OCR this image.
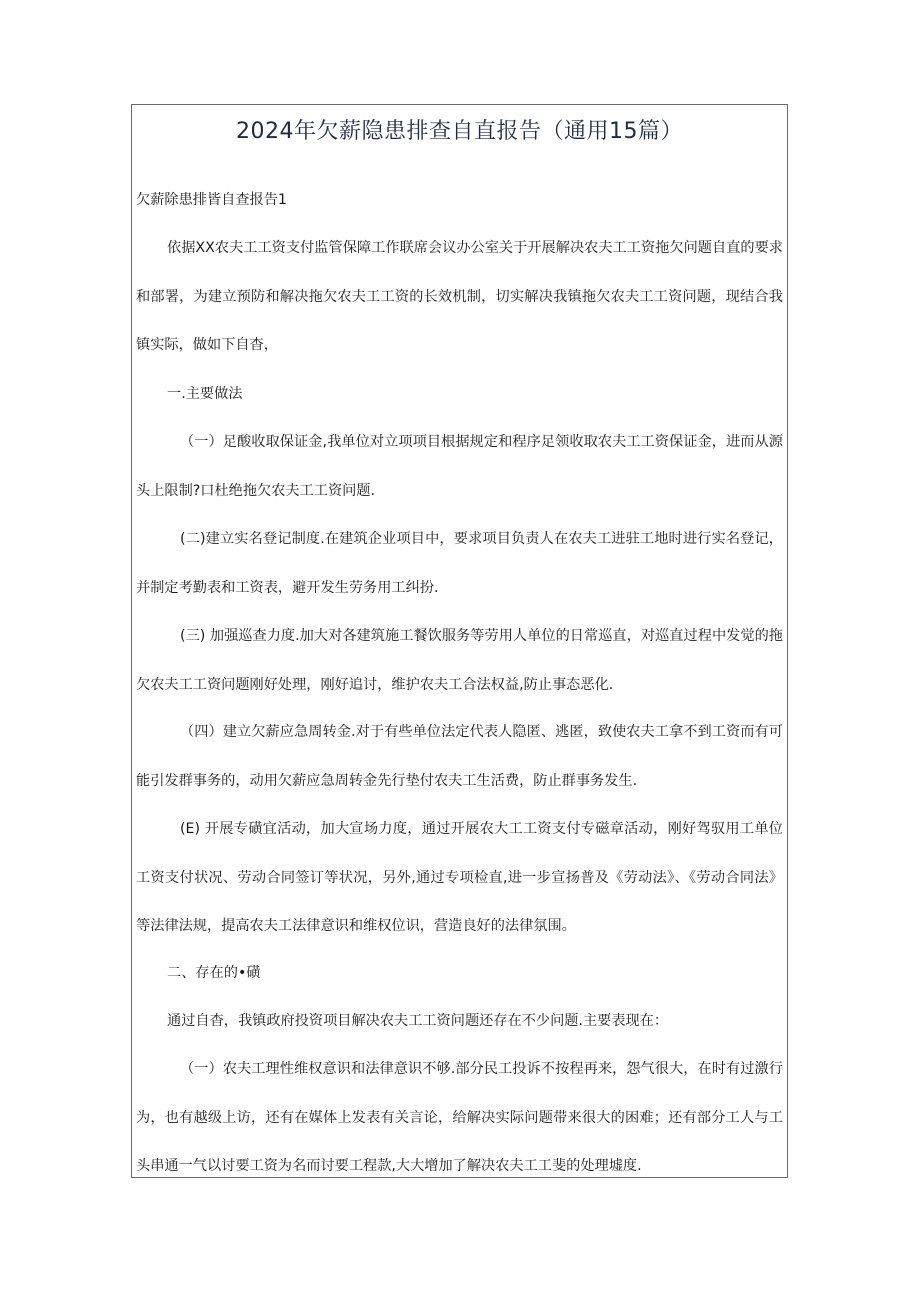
2024年欠薪隐患排查自直报告（通用15篇）
欠薪除患排皆自查报告1

依据XX农夫工工资支付监管保障工作联席会议办公室关于开展解决农夫工工资拖欠问题自直的要求和部署，为建立预防和解决拖欠农夫工工资的长效机制，切实解决我镇拖欠农夫工工资问题，现结合我镇实际，做如下自杳，

一.主要做法

（一）足酸收取保证金,我单位对立项项目根据规定和程序足领收取农夫工工资保证金，进而从源头上限制?口杜绝拖欠农夫工工资问题.

(二)建立实名登记制度.在建筑企业项目中，要求项目负责人在农夫工进驻工地时进行实名登记，并制定考勤表和工资表，避开发生劳务用工纠扮.

(三) 加强巡查力度.加大对各建筑施工餐饮服务等劳用人单位的日常巡直，对巡直过程中发觉的拖欠农夫工工资问题刚好处理，刚好追讨，维护农夫工合法权益,防止事态恶化.

（四）建立欠薪应急周转金.对于有些单位法定代表人隐匿、逃匿，致使农夫工拿不到工资而有可能引发群事务的，动用欠薪应急周转金先行垫付农夫工生活费，防止群事务发生.

(E) 开展专磺宜活动，加大宣场力度，通过开展农大工工资支付专磁章活动，刚好驾驭用工单位工资支付状况、劳动合同签订等状况，另外,通过专项检直,进一步宣扬普及《劳动法》、《劳动合同法》等法律法规，提高农夫工法律意识和维权位识，营造良好的法律氛围。

二、存在的•磺

通过自杳，我镇政府投资项目解决农夫工工资问题还存在不少问题.主要表现在：

（一）农夫工理性维权意识和法律意识不够.部分民工投诉不按程再来，怨气很大，在时有过激行为，也有越级上访，还有在媒体上发表有关言论，给解决实际问题带来很大的困难；还有部分工人与工头串通一气以讨要工资为名而讨要工程款,大大增加了解决农夫工工斐的处理墟度.
